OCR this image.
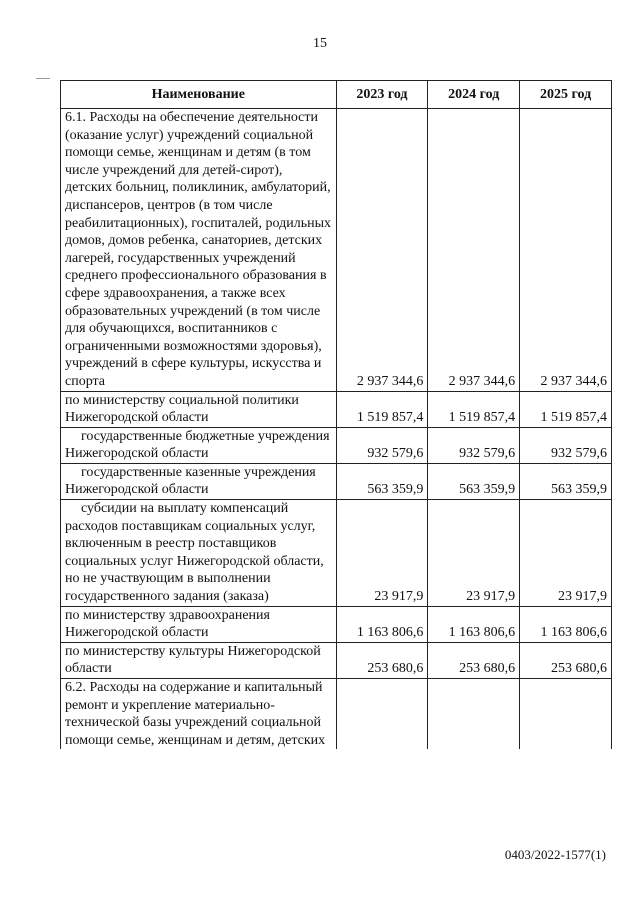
15
Наименование	2023 год	2024 год	2025 год
6.1. Расходы на обеспечение деятельности (оказание услуг) учреждений социальной помощи семье, женщинам и детям (в том числе учреждений для детей-сирот), детских больниц, поликлиник, амбулаторий, диспансеров, центров (в том числе реабилитационных), госпиталей, родильных домов, домов ребенка, санаториев, детских лагерей, государственных учреждений среднего профессионального образования в сфере здравоохранения, а также всех образовательных учреждений (в том числе для обучающихся, воспитанников с ограниченными возможностями здоровья), учреждений в сфере культуры, искусства и спорта	2 937 344,6	2 937 344,6	2 937 344,6
по министерству социальной политики Нижегородской области	1 519 857,4	1 519 857,4	1 519 857,4
государственные бюджетные учреждения Нижегородской области	932 579,6	932 579,6	932 579,6
государственные казенные учреждения Нижегородской области	563 359,9	563 359,9	563 359,9
субсидии на выплату компенсаций расходов поставщикам социальных услуг, включенным в реестр поставщиков социальных услуг Нижегородской области, но не участвующим в выполнении государственного задания (заказа)	23 917,9	23 917,9	23 917,9
по министерству здравоохранения Нижегородской области	1 163 806,6	1 163 806,6	1 163 806,6
по министерству культуры Нижегородской области	253 680,6	253 680,6	253 680,6
6.2. Расходы на содержание и капитальный ремонт и укрепление материально-технической базы учреждений социальной помощи семье, женщинам и детям, детских			
0403/2022-1577(1)
